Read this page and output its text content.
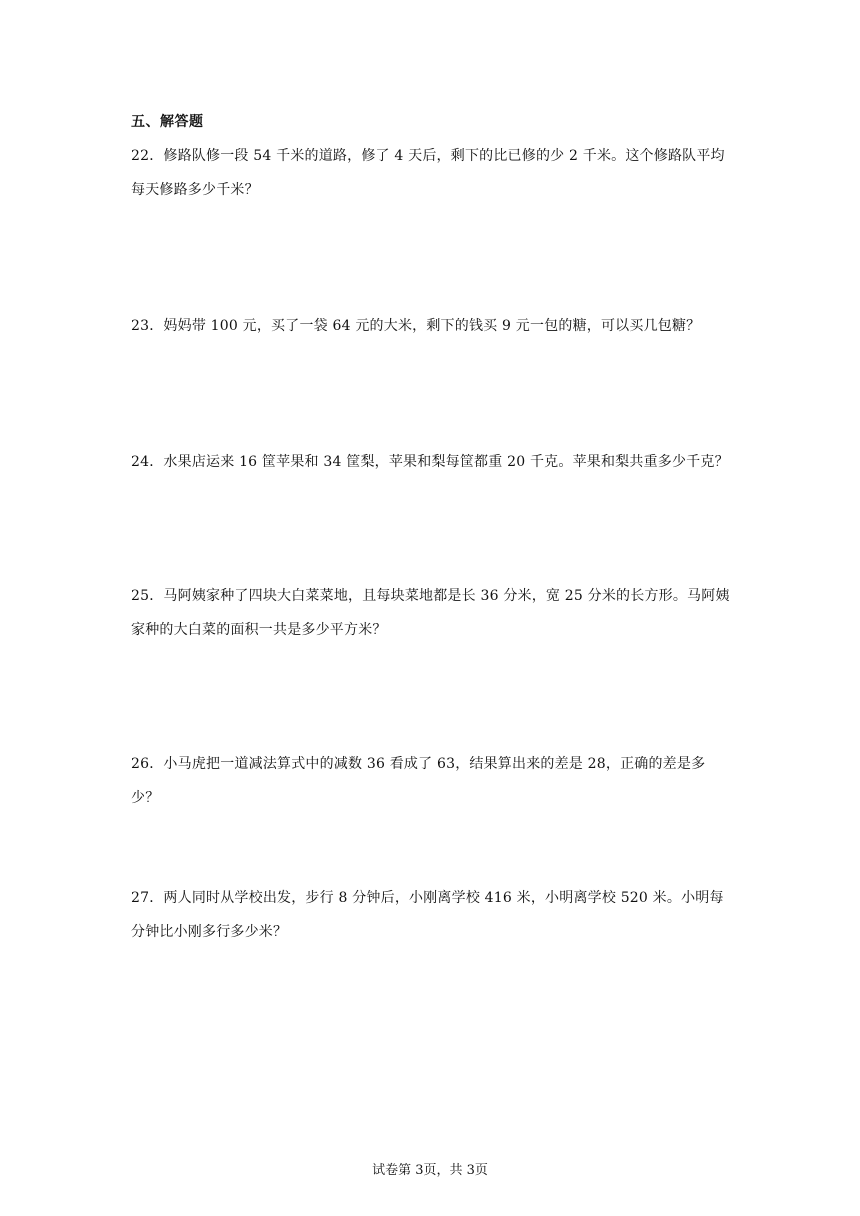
五、解答题
22．修路队修一段 54 千米的道路，修了 4 天后，剩下的比已修的少 2 千米。这个修路队平均每天修路多少千米？
23．妈妈带 100 元，买了一袋 64 元的大米，剩下的钱买 9 元一包的糖，可以买几包糖？
24．水果店运来 16 筐苹果和 34 筐梨，苹果和梨每筐都重 20 千克。苹果和梨共重多少千克？
25．马阿姨家种了四块大白菜菜地，且每块菜地都是长 36 分米，宽 25 分米的长方形。马阿姨家种的大白菜的面积一共是多少平方米？
26．小马虎把一道减法算式中的减数 36 看成了 63，结果算出来的差是 28，正确的差是多少？
27．两人同时从学校出发，步行 8 分钟后，小刚离学校 416 米，小明离学校 520 米。小明每分钟比小刚多行多少米？
试卷第 3页，共 3页
